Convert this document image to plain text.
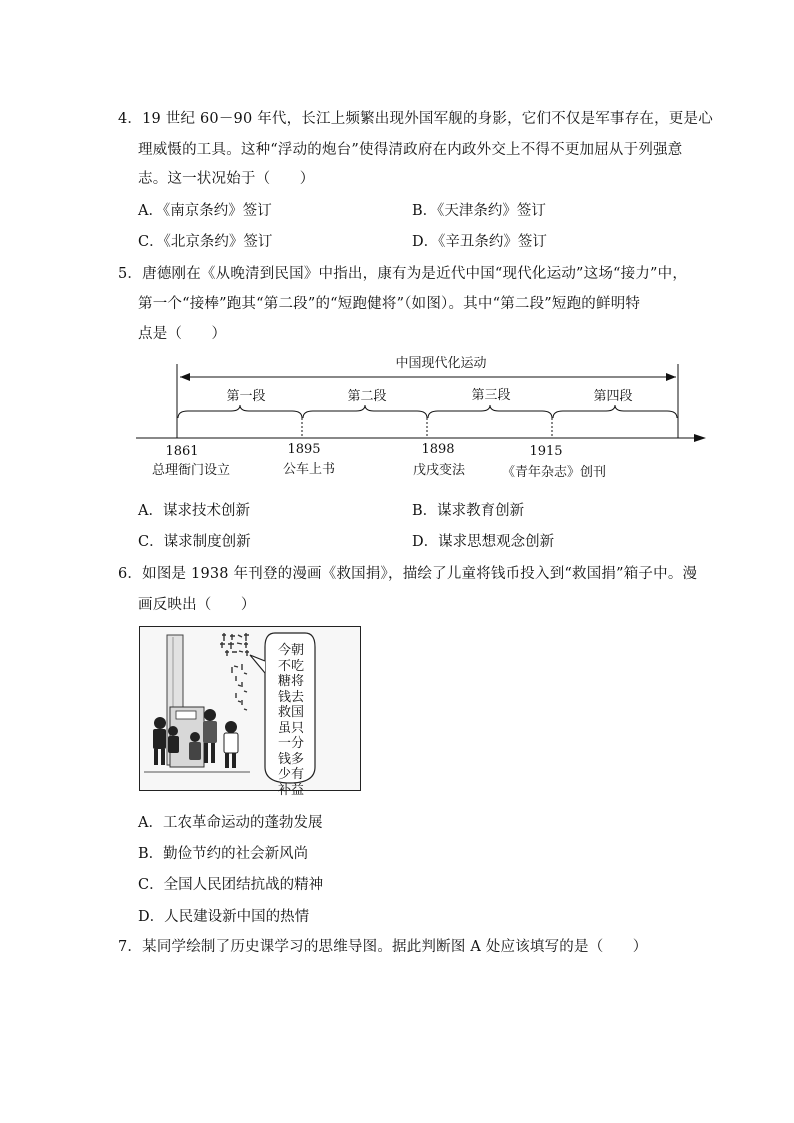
4．19 世纪 60－90 年代，长江上频繁出现外国军舰的身影，它们不仅是军事存在，更是心
理威慑的工具。这种“浮动的炮台”使得清政府在内政外交上不得不更加屈从于列强意
志。这一状况始于（　　）
A．《南京条约》签订	B．《天津条约》签订
C．《北京条约》签订	D．《辛丑条约》签订
5．唐德刚在《从晚清到民国》中指出，康有为是近代中国“现代化运动”这场“接力”中，
第一个“接棒”跑其“第二段”的“短跑健将”（如图）。其中“第二段”短跑的鲜明特
点是（　　）
中国现代化运动
第一段	第二段	第三段	第四段
1861	1895	1898	1915
总理衙门设立	公车上书	戊戌变法	《青年杂志》创刊
A．谋求技术创新	B．谋求教育创新
C．谋求制度创新	D．谋求思想观念创新
6．如图是 1938 年刊登的漫画《救国捐》，描绘了儿童将钱币投入到“救国捐”箱子中。漫
画反映出（　　）
今朝不吃糖将钱去救国虽只一分钱多少有补益
A．工农革命运动的蓬勃发展
B．勤俭节约的社会新风尚
C．全国人民团结抗战的精神
D．人民建设新中国的热情
7．某同学绘制了历史课学习的思维导图。据此判断图 A 处应该填写的是（　　）
